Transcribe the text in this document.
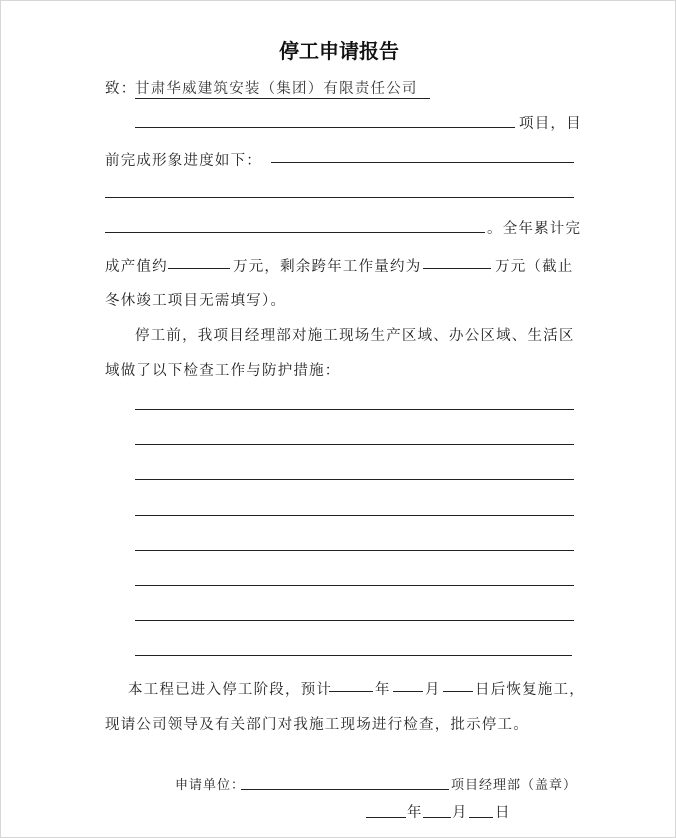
停工申请报告
致：
甘肃华威建筑安装（集团）有限责任公司
项目，目
前完成形象进度如下：
。全年累计完
成产值约	万元，剩余跨年工作量约为	万元（截止
冬休竣工项目无需填写）。
停工前，我项目经理部对施工现场生产区域、办公区域、生活区
域做了以下检查工作与防护措施：
本工程已进入停工阶段，预计	年 月 日后恢复施工，
现请公司领导及有关部门对我施工现场进行检查，批示停工。
申请单位：	项目经理部（盖章）
年 月 日
